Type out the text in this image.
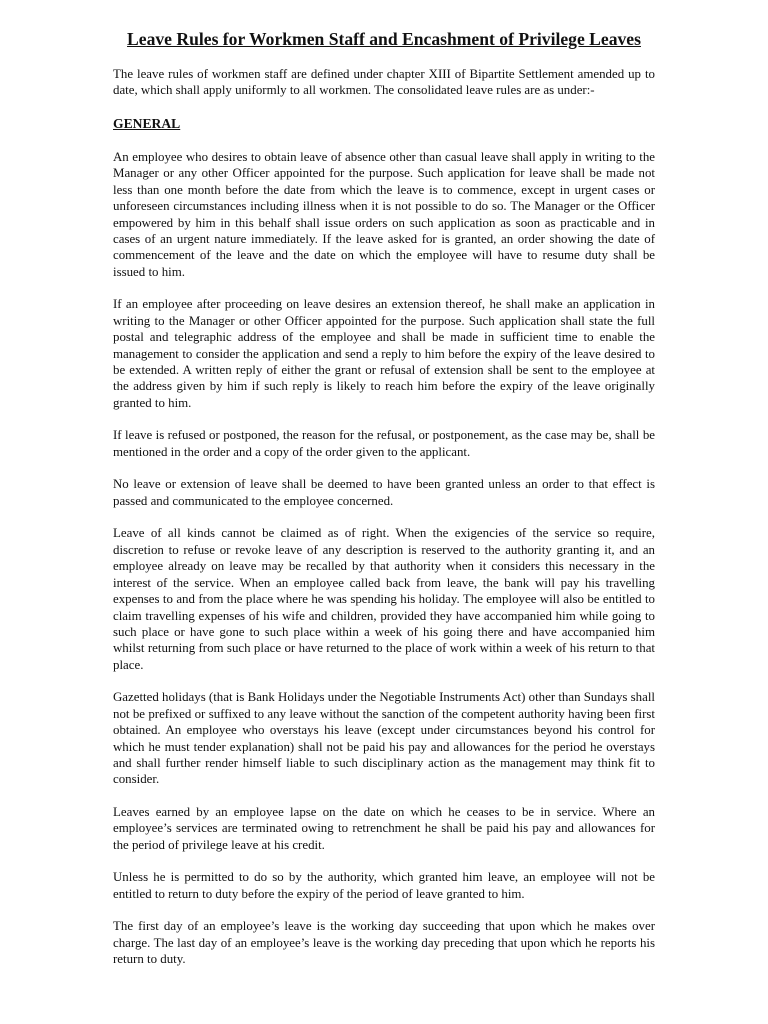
Leave Rules for Workmen Staff and Encashment of Privilege Leaves

The leave rules of workmen staff are defined under chapter XIII of Bipartite Settlement amended up to date, which shall apply uniformly to all workmen. The consolidated leave rules are as under:-

GENERAL

An employee who desires to obtain leave of absence other than casual leave shall apply in writing to the Manager or any other Officer appointed for the purpose. Such application for leave shall be made not less than one month before the date from which the leave is to commence, except in urgent cases or unforeseen circumstances including illness when it is not possible to do so. The Manager or the Officer empowered by him in this behalf shall issue orders on such application as soon as practicable and in cases of an urgent nature immediately. If the leave asked for is granted, an order showing the date of commencement of the leave and the date on which the employee will have to resume duty shall be issued to him.

If an employee after proceeding on leave desires an extension thereof, he shall make an application in writing to the Manager or other Officer appointed for the purpose. Such application shall state the full postal and telegraphic address of the employee and shall be made in sufficient time to enable the management to consider the application and send a reply to him before the expiry of the leave desired to be extended. A written reply of either the grant or refusal of extension shall be sent to the employee at the address given by him if such reply is likely to reach him before the expiry of the leave originally granted to him.

If leave is refused or postponed, the reason for the refusal, or postponement, as the case may be, shall be mentioned in the order and a copy of the order given to the applicant.

No leave or extension of leave shall be deemed to have been granted unless an order to that effect is passed and communicated to the employee concerned.

Leave of all kinds cannot be claimed as of right. When the exigencies of the service so require, discretion to refuse or revoke leave of any description is reserved to the authority granting it, and an employee already on leave may be recalled by that authority when it considers this necessary in the interest of the service. When an employee called back from leave, the bank will pay his travelling expenses to and from the place where he was spending his holiday. The employee will also be entitled to claim travelling expenses of his wife and children, provided they have accompanied him while going to such place or have gone to such place within a week of his going there and have accompanied him whilst returning from such place or have returned to the place of work within a week of his return to that place.

Gazetted holidays (that is Bank Holidays under the Negotiable Instruments Act) other than Sundays shall not be prefixed or suffixed to any leave without the sanction of the competent authority having been first obtained. An employee who overstays his leave (except under circumstances beyond his control for which he must tender explanation) shall not be paid his pay and allowances for the period he overstays and shall further render himself liable to such disciplinary action as the management may think fit to consider.

Leaves earned by an employee lapse on the date on which he ceases to be in service. Where an employee’s services are terminated owing to retrenchment he shall be paid his pay and allowances for the period of privilege leave at his credit.

Unless he is permitted to do so by the authority, which granted him leave, an employee will not be entitled to return to duty before the expiry of the period of leave granted to him.

The first day of an employee’s leave is the working day succeeding that upon which he makes over charge. The last day of an employee’s leave is the working day preceding that upon which he reports his return to duty.
